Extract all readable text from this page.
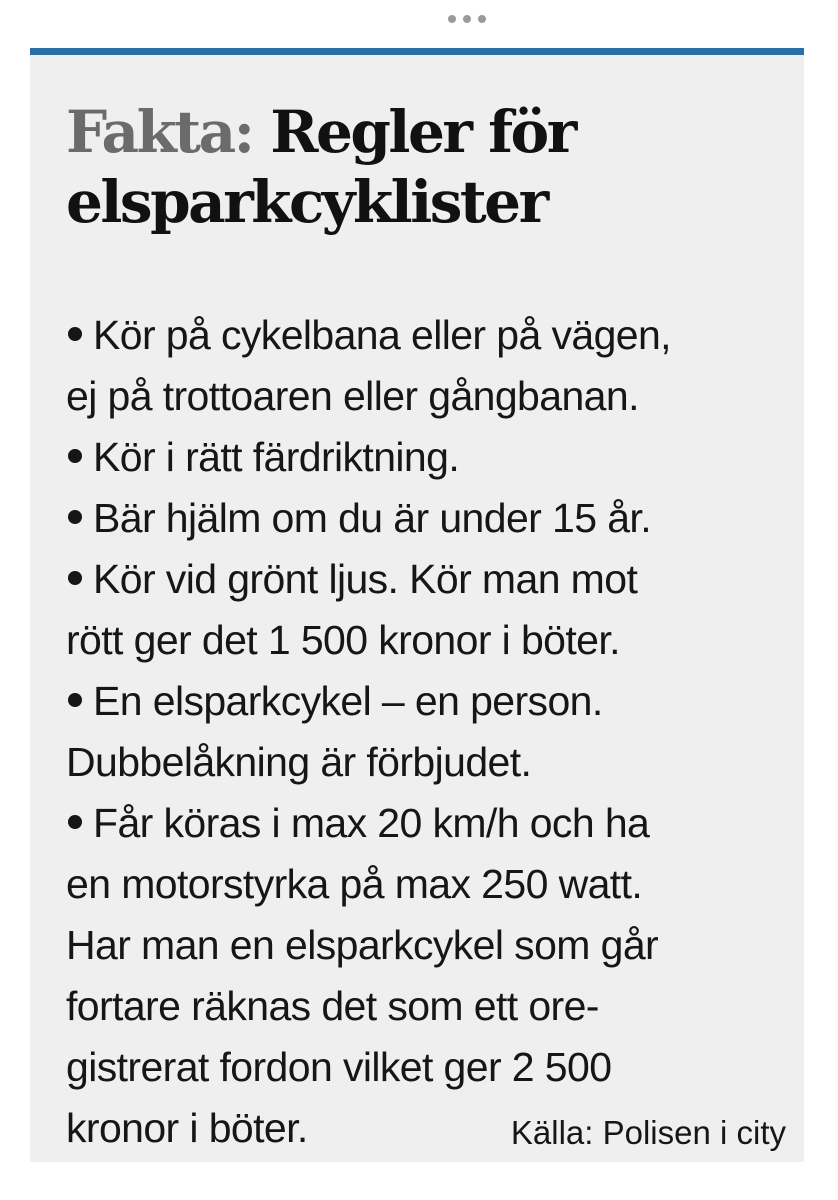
Fakta: Regler för
elsparkcyklister
Kör på cykelbana eller på vägen,
ej på trottoaren eller gångbanan.
Kör i rätt färdriktning.
Bär hjälm om du är under 15 år.
Kör vid grönt ljus. Kör man mot
rött ger det 1 500 kronor i böter.
En elsparkcykel – en person.
Dubbelåkning är förbjudet.
Får köras i max 20 km/h och ha
en motorstyrka på max 250 watt.
Har man en elsparkcykel som går
fortare räknas det som ett ore-
gistrerat fordon vilket ger 2 500
kronor i böter.	Källa: Polisen i city
